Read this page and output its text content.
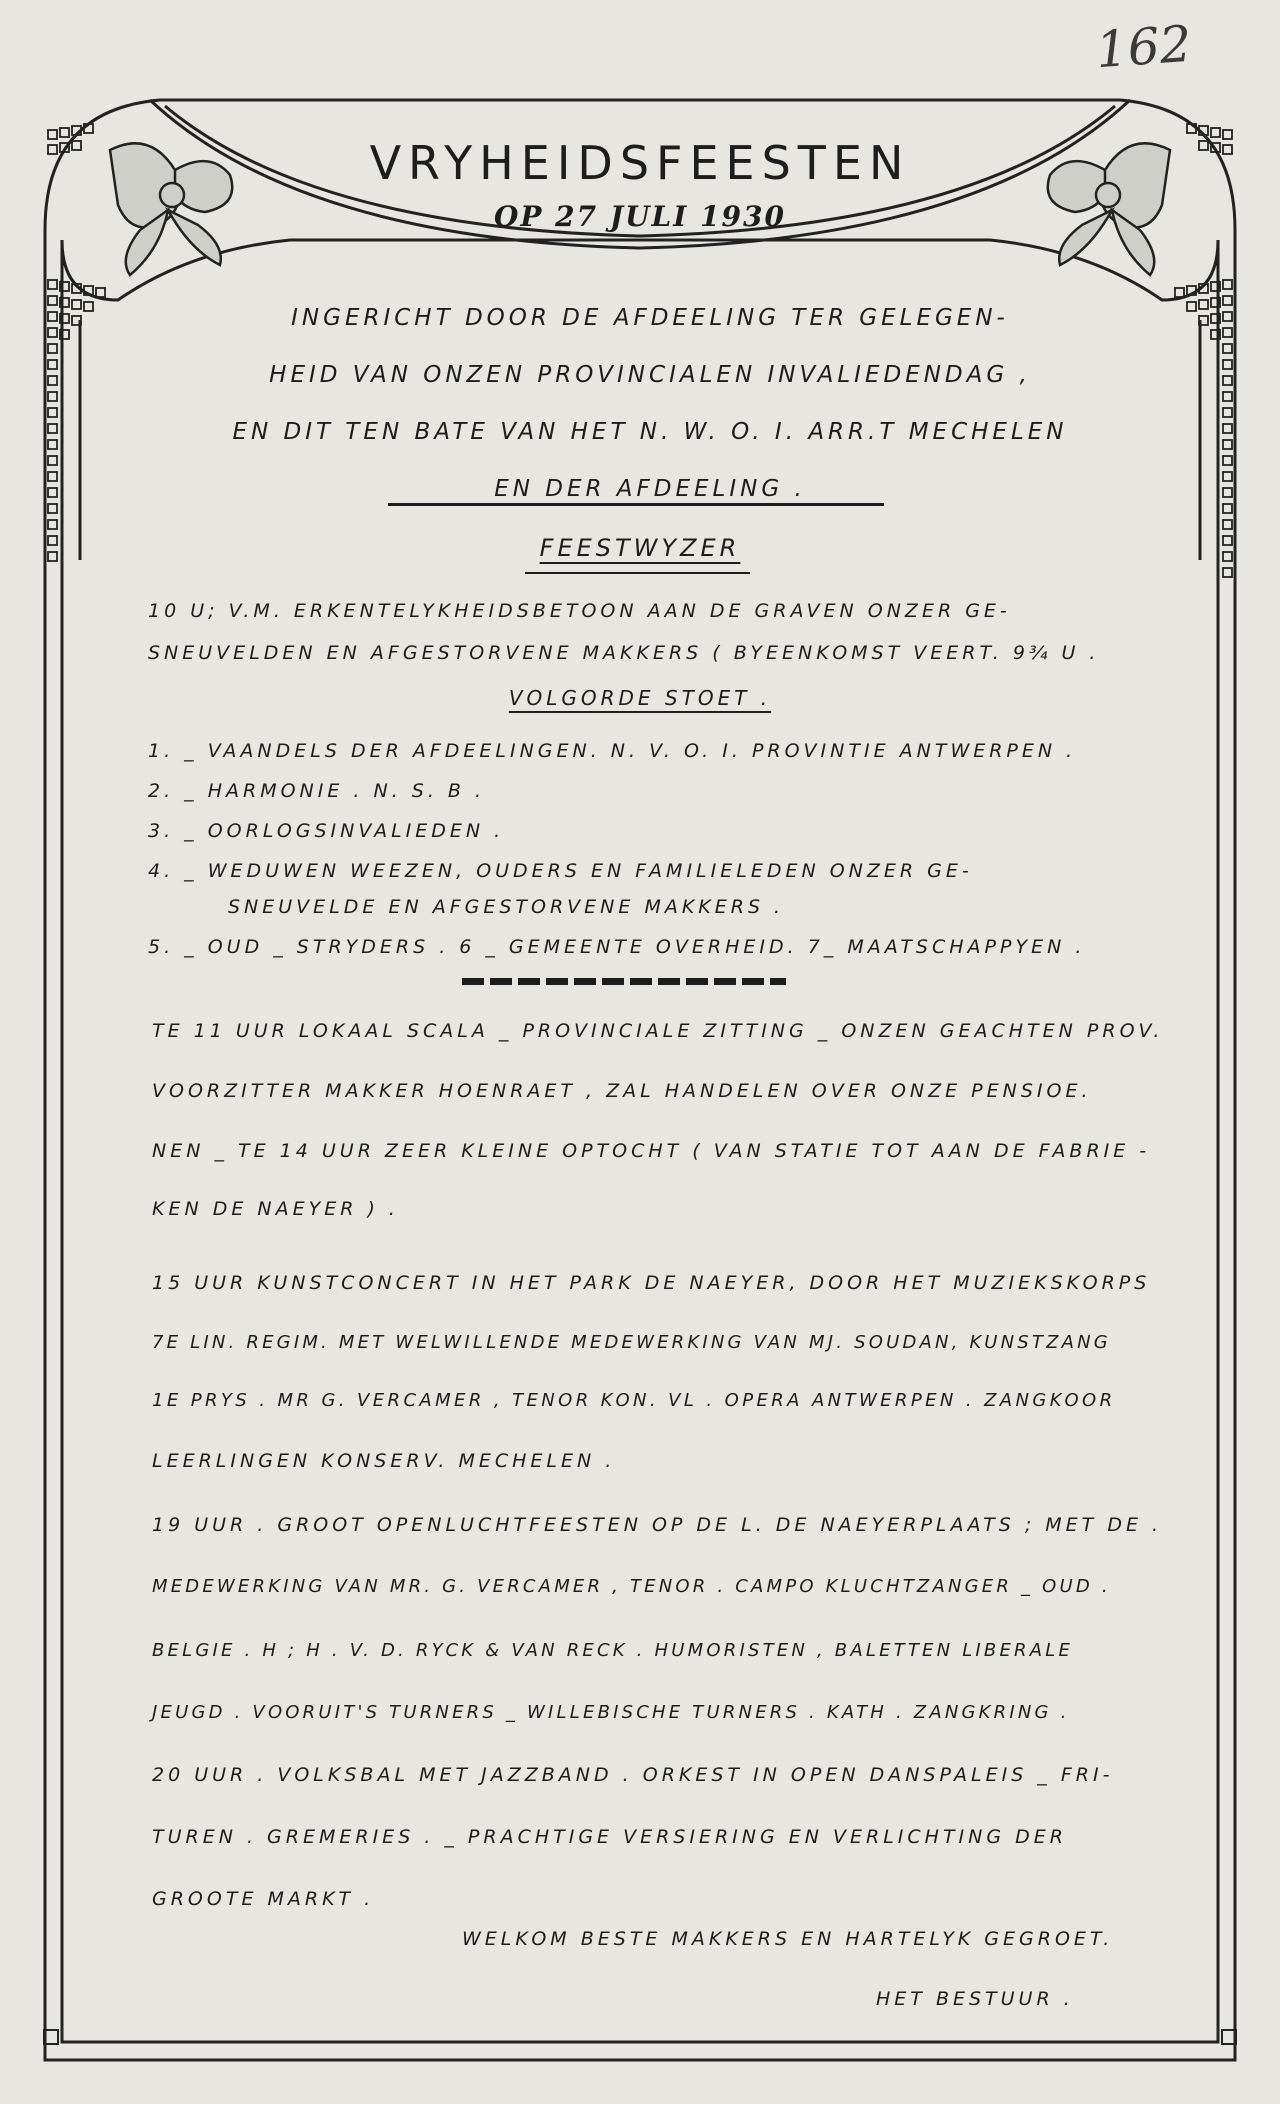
162
VRYHEIDSFEESTEN
OP 27 JULI 1930
INGERICHT DOOR DE AFDEELING TER GELEGEN-
HEID VAN ONZEN PROVINCIALEN INVALIEDENDAG ,
EN DIT TEN BATE VAN HET N. W. O. I. ARR.T MECHELEN
EN DER AFDEELING .
FEESTWYZER
10 U; V.M. ERKENTELYKHEIDSBETOON AAN DE GRAVEN ONZER GE-
SNEUVELDEN EN AFGESTORVENE MAKKERS ( BYEENKOMST VEERT. 9¾ U .
VOLGORDE STOET .
1. _ VAANDELS DER AFDEELINGEN. N. V. O. I. PROVINTIE ANTWERPEN .
2. _ HARMONIE . N. S. B .
3. _ OORLOGSINVALIEDEN .
4. _ WEDUWEN WEEZEN, OUDERS EN FAMILIELEDEN ONZER GE-
SNEUVELDE EN AFGESTORVENE MAKKERS .
5. _ OUD _ STRYDERS . 6 _ GEMEENTE OVERHEID. 7_ MAATSCHAPPYEN .
TE 11 UUR LOKAAL SCALA _ PROVINCIALE ZITTING _ ONZEN GEACHTEN PROV.
VOORZITTER MAKKER HOENRAET , ZAL HANDELEN OVER ONZE PENSIOE.
NEN _ TE 14 UUR ZEER KLEINE OPTOCHT ( VAN STATIE TOT AAN DE FABRIE -
KEN DE NAEYER ) .
15 UUR KUNSTCONCERT IN HET PARK DE NAEYER, DOOR HET MUZIEKSKORPS
7E LIN. REGIM. MET WELWILLENDE MEDEWERKING VAN MJ. SOUDAN, KUNSTZANG
1E PRYS . MR G. VERCAMER , TENOR KON. VL . OPERA ANTWERPEN . ZANGKOOR
LEERLINGEN KONSERV. MECHELEN .
19 UUR . GROOT OPENLUCHTFEESTEN OP DE L. DE NAEYERPLAATS ; MET DE .
MEDEWERKING VAN MR. G. VERCAMER , TENOR . CAMPO KLUCHTZANGER _ OUD .
BELGIE . H ; H . V. D. RYCK & VAN RECK . HUMORISTEN , BALETTEN LIBERALE
JEUGD . VOORUIT'S TURNERS _ WILLEBISCHE TURNERS . KATH . ZANGKRING .
20 UUR . VOLKSBAL MET JAZZBAND . ORKEST IN OPEN DANSPALEIS _ FRI-
TUREN . GREMERIES . _ PRACHTIGE VERSIERING EN VERLICHTING DER
GROOTE MARKT .
WELKOM BESTE MAKKERS EN HARTELYK GEGROET.
HET BESTUUR .
